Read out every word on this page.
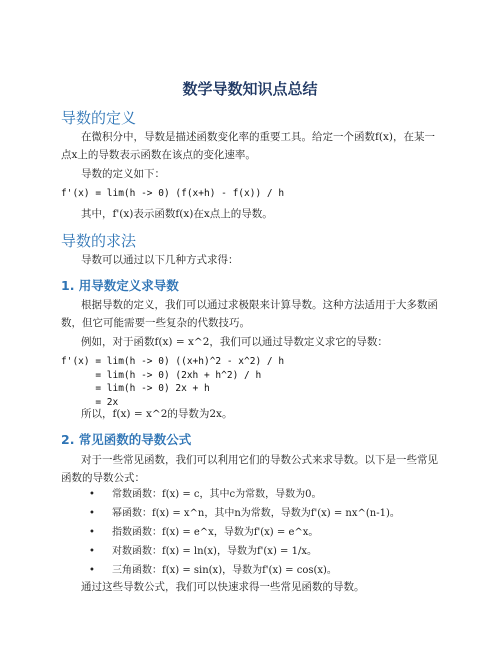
数学导数知识点总结
导数的定义

在微积分中，导数是描述函数变化率的重要工具。给定一个函数f(x)，在某一点x上的导数表示函数在该点的变化速率。

导数的定义如下：

f'(x) = lim(h -> 0) (f(x+h) - f(x)) / h

其中，f'(x)表示函数f(x)在x点上的导数。

导数的求法

导数可以通过以下几种方式求得：

1. 用导数定义求导数

根据导数的定义，我们可以通过求极限来计算导数。这种方法适用于大多数函数，但它可能需要一些复杂的代数技巧。

例如，对于函数f(x) = x^2，我们可以通过导数定义求它的导数：

f'(x) = lim(h -> 0) ((x+h)^2 - x^2) / h
= lim(h -> 0) (2xh + h^2) / h
= lim(h -> 0) 2x + h
= 2x

所以，f(x) = x^2的导数为2x。

2. 常见函数的导数公式

对于一些常见函数，我们可以利用它们的导数公式来求导数。以下是一些常见函数的导数公式：

• 常数函数：f(x) = c，其中c为常数，导数为0。
• 幂函数：f(x) = x^n，其中n为常数，导数为f'(x) = nx^(n-1)。
• 指数函数：f(x) = e^x，导数为f'(x) = e^x。
• 对数函数：f(x) = ln(x)，导数为f'(x) = 1/x。
• 三角函数：f(x) = sin(x)，导数为f'(x) = cos(x)。

通过这些导数公式，我们可以快速求得一些常见函数的导数。
